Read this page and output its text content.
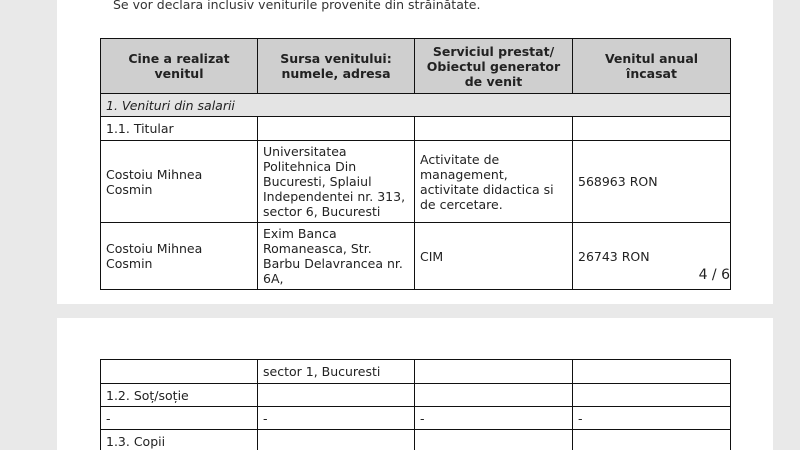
Se vor declara inclusiv veniturile provenite din străinătate.
Cine a realizat venitul	Sursa venitului: numele, adresa	Serviciul prestat/ Obiectul generator de venit	Venitul anual încasat
1. Venituri din salarii			
1.1. Titular			
Costoiu Mihnea Cosmin	Universitatea Politehnica Din Bucuresti, Splaiul Independentei nr. 313, sector 6, Bucuresti	Activitate de management, activitate didactica si de cercetare.	568963 RON
Costoiu Mihnea Cosmin	Exim Banca Romaneasca, Str. Barbu Delavrancea nr. 6A,	CIM	26743 RON
4 / 6
	sector 1, Bucuresti		
1.2. Soț/soție			
-	-	-	-
1.3. Copii			
